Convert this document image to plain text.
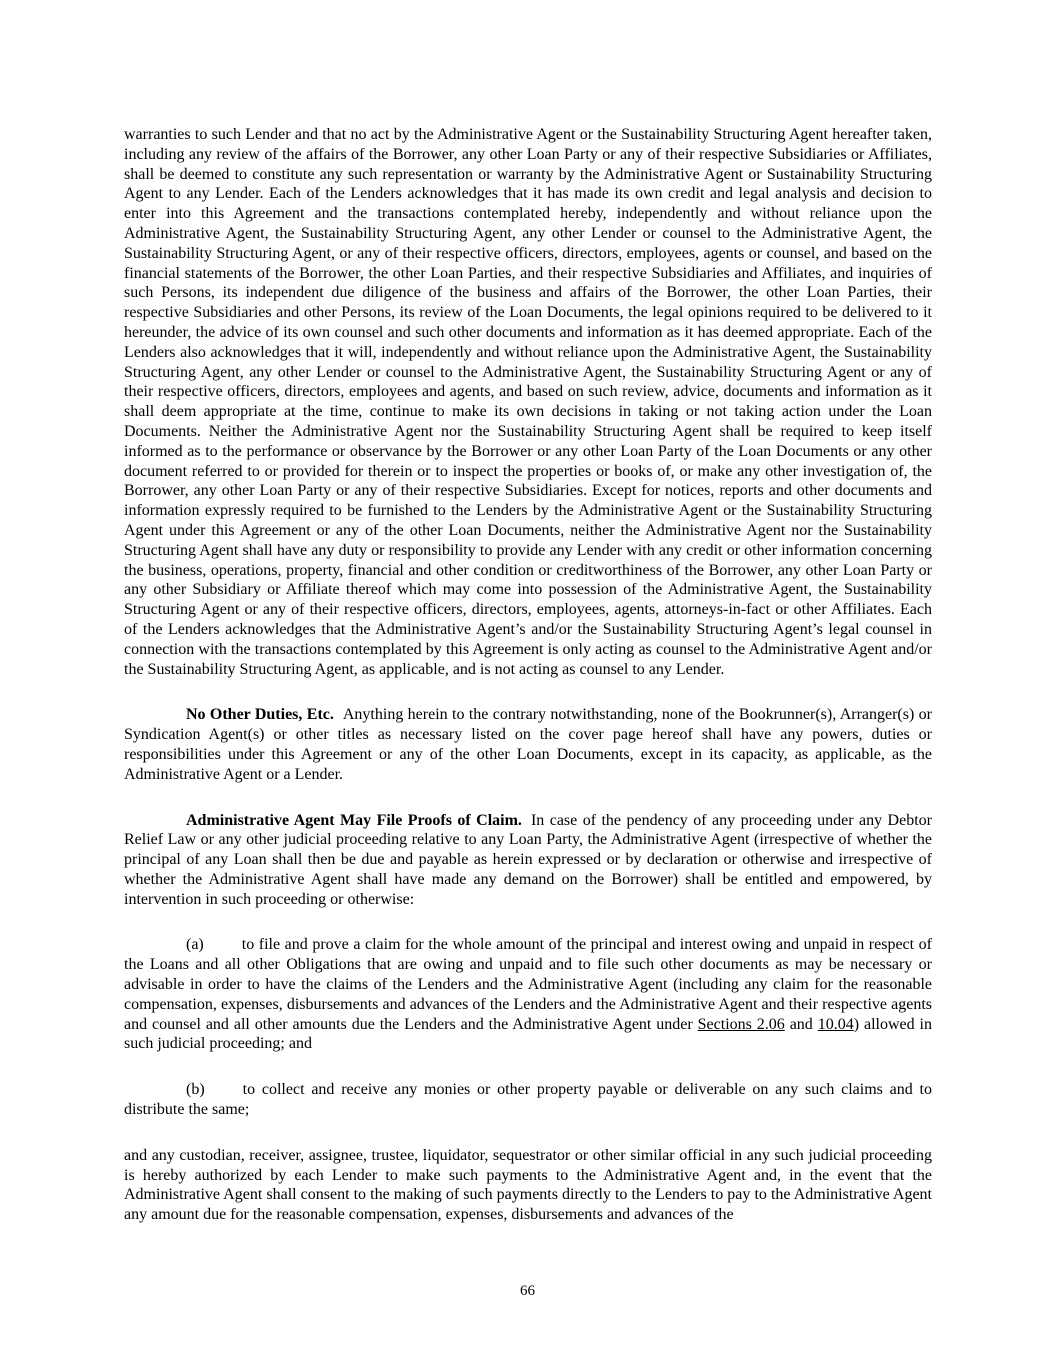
warranties to such Lender and that no act by the Administrative Agent or the Sustainability Structuring Agent hereafter taken, including any review of the affairs of the Borrower, any other Loan Party or any of their respective Subsidiaries or Affiliates, shall be deemed to constitute any such representation or warranty by the Administrative Agent or Sustainability Structuring Agent to any Lender. Each of the Lenders acknowledges that it has made its own credit and legal analysis and decision to enter into this Agreement and the transactions contemplated hereby, independently and without reliance upon the Administrative Agent, the Sustainability Structuring Agent, any other Lender or counsel to the Administrative Agent, the Sustainability Structuring Agent, or any of their respective officers, directors, employees, agents or counsel, and based on the financial statements of the Borrower, the other Loan Parties, and their respective Subsidiaries and Affiliates, and inquiries of such Persons, its independent due diligence of the business and affairs of the Borrower, the other Loan Parties, their respective Subsidiaries and other Persons, its review of the Loan Documents, the legal opinions required to be delivered to it hereunder, the advice of its own counsel and such other documents and information as it has deemed appropriate. Each of the Lenders also acknowledges that it will, independently and without reliance upon the Administrative Agent, the Sustainability Structuring Agent, any other Lender or counsel to the Administrative Agent, the Sustainability Structuring Agent or any of their respective officers, directors, employees and agents, and based on such review, advice, documents and information as it shall deem appropriate at the time, continue to make its own decisions in taking or not taking action under the Loan Documents. Neither the Administrative Agent nor the Sustainability Structuring Agent shall be required to keep itself informed as to the performance or observance by the Borrower or any other Loan Party of the Loan Documents or any other document referred to or provided for therein or to inspect the properties or books of, or make any other investigation of, the Borrower, any other Loan Party or any of their respective Subsidiaries. Except for notices, reports and other documents and information expressly required to be furnished to the Lenders by the Administrative Agent or the Sustainability Structuring Agent under this Agreement or any of the other Loan Documents, neither the Administrative Agent nor the Sustainability Structuring Agent shall have any duty or responsibility to provide any Lender with any credit or other information concerning the business, operations, property, financial and other condition or creditworthiness of the Borrower, any other Loan Party or any other Subsidiary or Affiliate thereof which may come into possession of the Administrative Agent, the Sustainability Structuring Agent or any of their respective officers, directors, employees, agents, attorneys-in-fact or other Affiliates. Each of the Lenders acknowledges that the Administrative Agent’s and/or the Sustainability Structuring Agent’s legal counsel in connection with the transactions contemplated by this Agreement is only acting as counsel to the Administrative Agent and/or the Sustainability Structuring Agent, as applicable, and is not acting as counsel to any Lender.

No Other Duties, Etc. Anything herein to the contrary notwithstanding, none of the Bookrunner(s), Arranger(s) or Syndication Agent(s) or other titles as necessary listed on the cover page hereof shall have any powers, duties or responsibilities under this Agreement or any of the other Loan Documents, except in its capacity, as applicable, as the Administrative Agent or a Lender.

Administrative Agent May File Proofs of Claim. In case of the pendency of any proceeding under any Debtor Relief Law or any other judicial proceeding relative to any Loan Party, the Administrative Agent (irrespective of whether the principal of any Loan shall then be due and payable as herein expressed or by declaration or otherwise and irrespective of whether the Administrative Agent shall have made any demand on the Borrower) shall be entitled and empowered, by intervention in such proceeding or otherwise:

(a) to file and prove a claim for the whole amount of the principal and interest owing and unpaid in respect of the Loans and all other Obligations that are owing and unpaid and to file such other documents as may be necessary or advisable in order to have the claims of the Lenders and the Administrative Agent (including any claim for the reasonable compensation, expenses, disbursements and advances of the Lenders and the Administrative Agent and their respective agents and counsel and all other amounts due the Lenders and the Administrative Agent under Sections 2.06 and 10.04) allowed in such judicial proceeding; and

(b) to collect and receive any monies or other property payable or deliverable on any such claims and to distribute the same;

and any custodian, receiver, assignee, trustee, liquidator, sequestrator or other similar official in any such judicial proceeding is hereby authorized by each Lender to make such payments to the Administrative Agent and, in the event that the Administrative Agent shall consent to the making of such payments directly to the Lenders to pay to the Administrative Agent any amount due for the reasonable compensation, expenses, disbursements and advances of the

66
